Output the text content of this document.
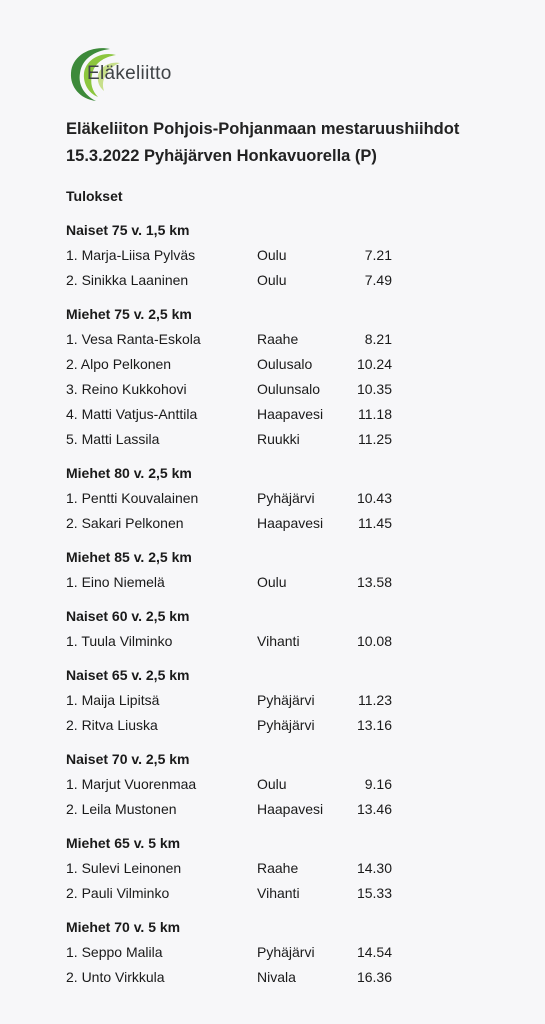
Eläkeliitto
Eläkeliiton Pohjois-Pohjanmaan mestaruushiihdot
15.3.2022 Pyhäjärven Honkavuorella (P)
Tulokset
Naiset 75 v. 1,5 km
1. Marja-Liisa Pylväs	Oulu	7.21
2. Sinikka Laaninen	Oulu	7.49
Miehet 75 v. 2,5 km
1. Vesa Ranta-Eskola	Raahe	8.21
2. Alpo Pelkonen	Oulusalo	10.24
3. Reino Kukkohovi	Oulunsalo	10.35
4. Matti Vatjus-Anttila	Haapavesi	11.18
5. Matti Lassila	Ruukki	11.25
Miehet 80 v. 2,5 km
1. Pentti Kouvalainen	Pyhäjärvi	10.43
2. Sakari Pelkonen	Haapavesi	11.45
Miehet 85 v. 2,5 km
1. Eino Niemelä	Oulu	13.58
Naiset 60 v. 2,5 km
1. Tuula Vilminko	Vihanti	10.08
Naiset 65 v. 2,5 km
1. Maija Lipitsä	Pyhäjärvi	11.23
2. Ritva Liuska	Pyhäjärvi	13.16
Naiset 70 v. 2,5 km
1. Marjut Vuorenmaa	Oulu	9.16
2. Leila Mustonen	Haapavesi	13.46
Miehet 65 v. 5 km
1. Sulevi Leinonen	Raahe	14.30
2. Pauli Vilminko	Vihanti	15.33
Miehet 70 v. 5 km
1. Seppo Malila	Pyhäjärvi	14.54
2. Unto Virkkula	Nivala	16.36
